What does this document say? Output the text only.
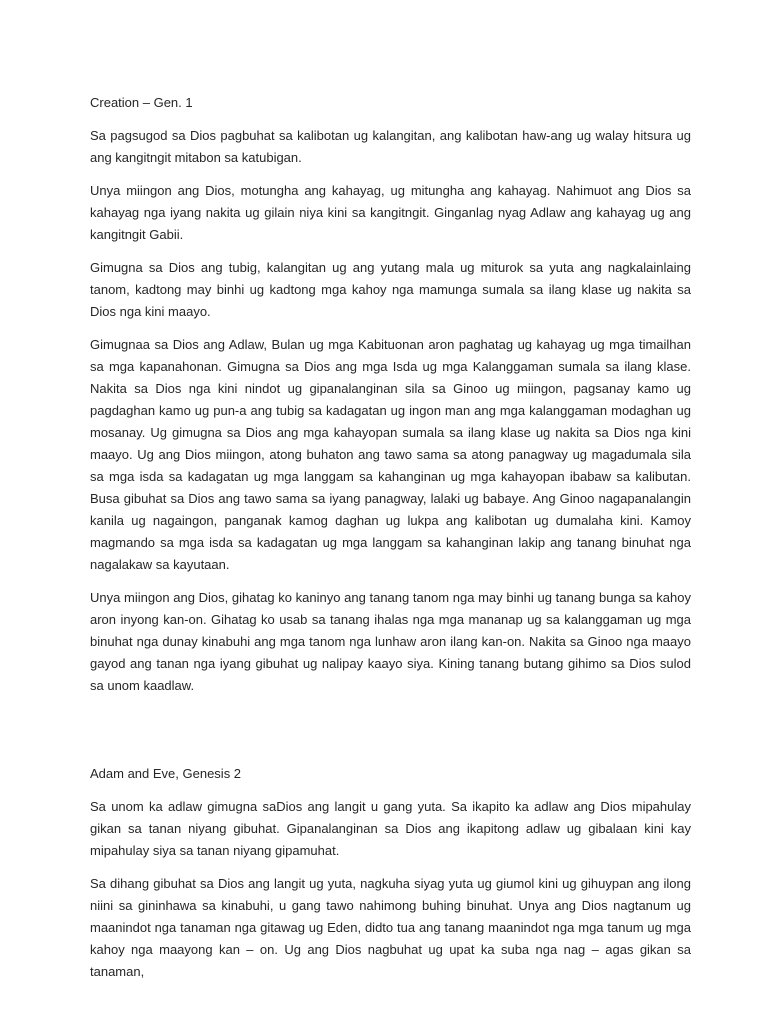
Creation – Gen. 1

Sa pagsugod sa Dios pagbuhat sa kalibotan ug kalangitan, ang kalibotan haw-ang ug walay hitsura ug ang kangitngit mitabon sa katubigan.

Unya miingon ang Dios, motungha ang kahayag, ug mitungha ang kahayag. Nahimuot ang Dios sa kahayag nga iyang nakita ug gilain niya kini sa kangitngit. Ginganlag nyag Adlaw ang kahayag ug ang kangitngit Gabii.

Gimugna sa Dios ang tubig, kalangitan ug ang yutang mala ug miturok sa yuta ang nagkalainlaing tanom, kadtong may binhi ug kadtong mga kahoy nga mamunga sumala sa ilang klase ug nakita sa Dios nga kini maayo.

Gimugnaa sa Dios ang Adlaw, Bulan ug mga Kabituonan aron paghatag ug kahayag ug mga timailhan sa mga kapanahonan. Gimugna sa Dios ang mga Isda ug mga Kalanggaman sumala sa ilang klase. Nakita sa Dios nga kini nindot ug gipanalanginan sila sa Ginoo ug miingon, pagsanay kamo ug pagdaghan kamo ug pun-a ang tubig sa kadagatan ug ingon man ang mga kalanggaman modaghan ug mosanay. Ug gimugna sa Dios ang mga kahayopan sumala sa ilang klase ug nakita sa Dios nga kini maayo. Ug ang Dios miingon, atong buhaton ang tawo sama sa atong panagway ug magadumala sila sa mga isda sa kadagatan ug mga langgam sa kahanginan ug mga kahayopan ibabaw sa kalibutan. Busa gibuhat sa Dios ang tawo sama sa iyang panagway, lalaki ug babaye. Ang Ginoo nagapanalangin kanila ug nagaingon, panganak kamog daghan ug lukpa ang kalibotan ug dumalaha kini. Kamoy magmando sa mga isda sa kadagatan ug mga langgam sa kahanginan lakip ang tanang binuhat nga nagalakaw sa kayutaan.

Unya miingon ang Dios, gihatag ko kaninyo ang tanang tanom nga may binhi ug tanang bunga sa kahoy aron inyong kan-on. Gihatag ko usab sa tanang ihalas nga mga mananap ug sa kalanggaman ug mga binuhat nga dunay kinabuhi ang mga tanom nga lunhaw aron ilang kan-on. Nakita sa Ginoo nga maayo gayod ang tanan nga iyang gibuhat ug nalipay kaayo siya. Kining tanang butang gihimo sa Dios sulod sa unom kaadlaw.

Adam and Eve, Genesis 2

Sa unom ka adlaw gimugna saDios ang langit u gang yuta. Sa ikapito ka adlaw ang Dios mipahulay gikan sa tanan niyang gibuhat. Gipanalanginan sa Dios ang ikapitong adlaw ug gibalaan kini kay mipahulay siya sa tanan niyang gipamuhat.

Sa dihang gibuhat sa Dios ang langit ug yuta, nagkuha siyag yuta ug giumol kini ug gihuypan ang ilong niini sa gininhawa sa kinabuhi, u gang tawo nahimong buhing binuhat. Unya ang Dios nagtanum ug maanindot nga tanaman nga gitawag ug Eden, didto tua ang tanang maanindot nga mga tanum ug mga kahoy nga maayong kan – on. Ug ang Dios nagbuhat ug upat ka suba nga nag – agas gikan sa tanaman,
